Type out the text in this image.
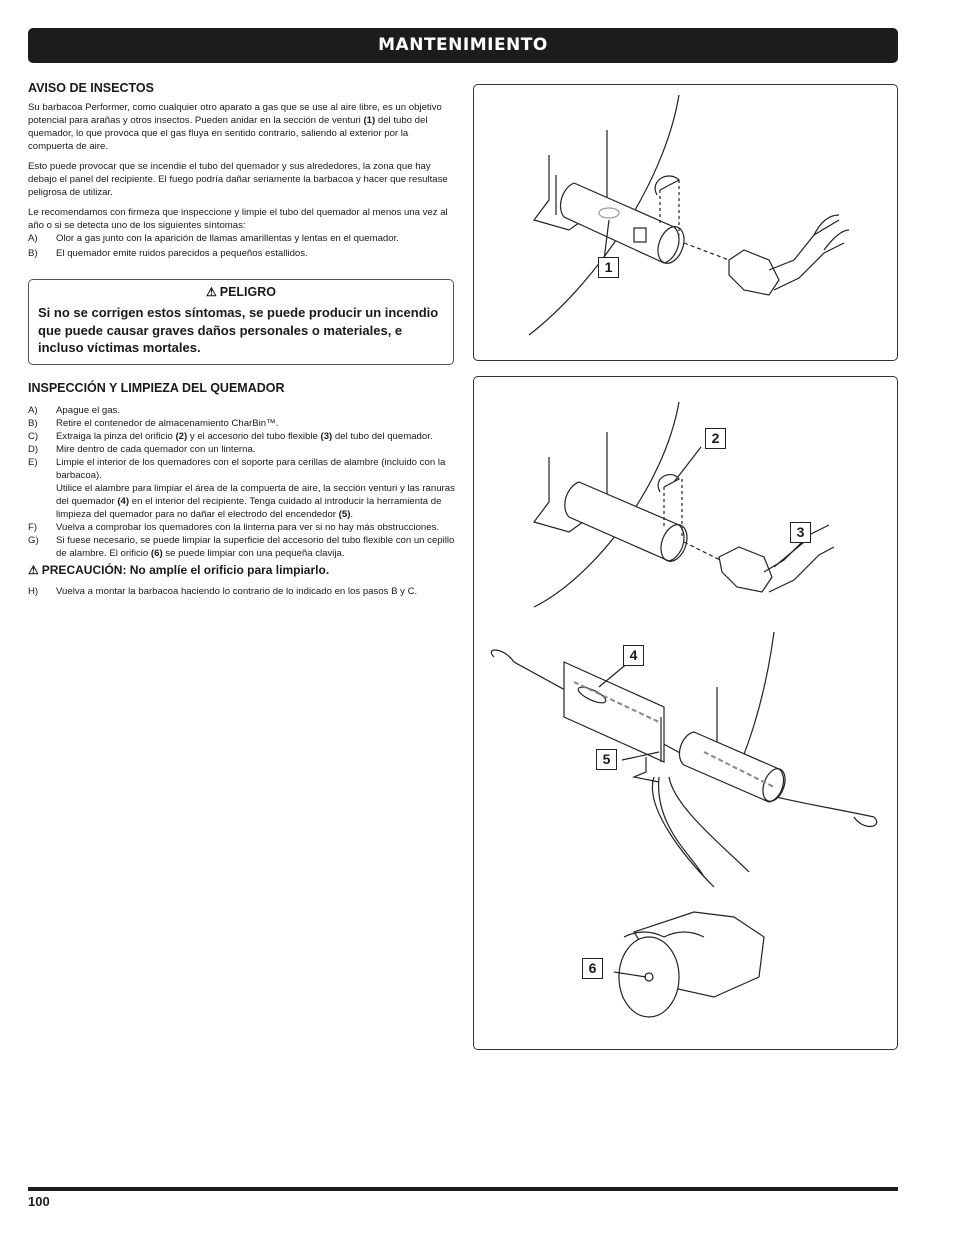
MANTENIMIENTO
AVISO DE INSECTOS

Su barbacoa Performer, como cualquier otro aparato a gas que se use al aire libre, es un objetivo potencial para arañas y otros insectos. Pueden anidar en la sección de venturi (1) del tubo del quemador, lo que provoca que el gas fluya en sentido contrario, saliendo al exterior por la compuerta de aire.

Esto puede provocar que se incendie el tubo del quemador y sus alrededores, la zona que hay debajo el panel del recipiente. El fuego podría dañar seriamente la barbacoa y hacer que resultase peligrosa de utilizar.

Le recomendamos con firmeza que inspeccione y limpie el tubo del quemador al menos una vez al año o si se detecta uno de los siguientes síntomas:

A)	Olor a gas junto con la aparición de llamas amarillentas y lentas en el quemador.
B)	El quemador emite ruidos parecidos a pequeños estallidos.
⚠ PELIGRO
Si no se corrigen estos síntomas, se puede producir un incendio que puede causar graves daños personales o materiales, e incluso víctimas mortales.
INSPECCIÓN Y LIMPIEZA DEL QUEMADOR
A)	Apague el gas.
B)	Retire el contenedor de almacenamiento CharBin™.
C)	Extraiga la pinza del orificio (2) y el accesorio del tubo flexible (3) del tubo del quemador.
D)	Mire dentro de cada quemador con un linterna.
E)	Limpie el interior de los quemadores con el soporte para cerillas de alambre (incluido con la barbacoa).
Utilice el alambre para limpiar el área de la compuerta de aire, la sección venturi y las ranuras del quemador (4) en el interior del recipiente. Tenga cuidado al introducir la herramienta de limpieza del quemador para no dañar el electrodo del encendedor (5).
F)	Vuelva a comprobar los quemadores con la linterna para ver si no hay más obstrucciones.
G)	Si fuese necesario, se puede limpiar la superficie del accesorio del tubo flexible con un cepillo de alambre. El orificio (6) se puede limpiar con una pequeña clavija.
⚠ PRECAUCIÓN: No amplíe el orificio para limpiarlo.
H)	Vuelva a montar la barbacoa haciendo lo contrario de lo indicado en los pasos B y C.
1
2
3
4
5
6
100
